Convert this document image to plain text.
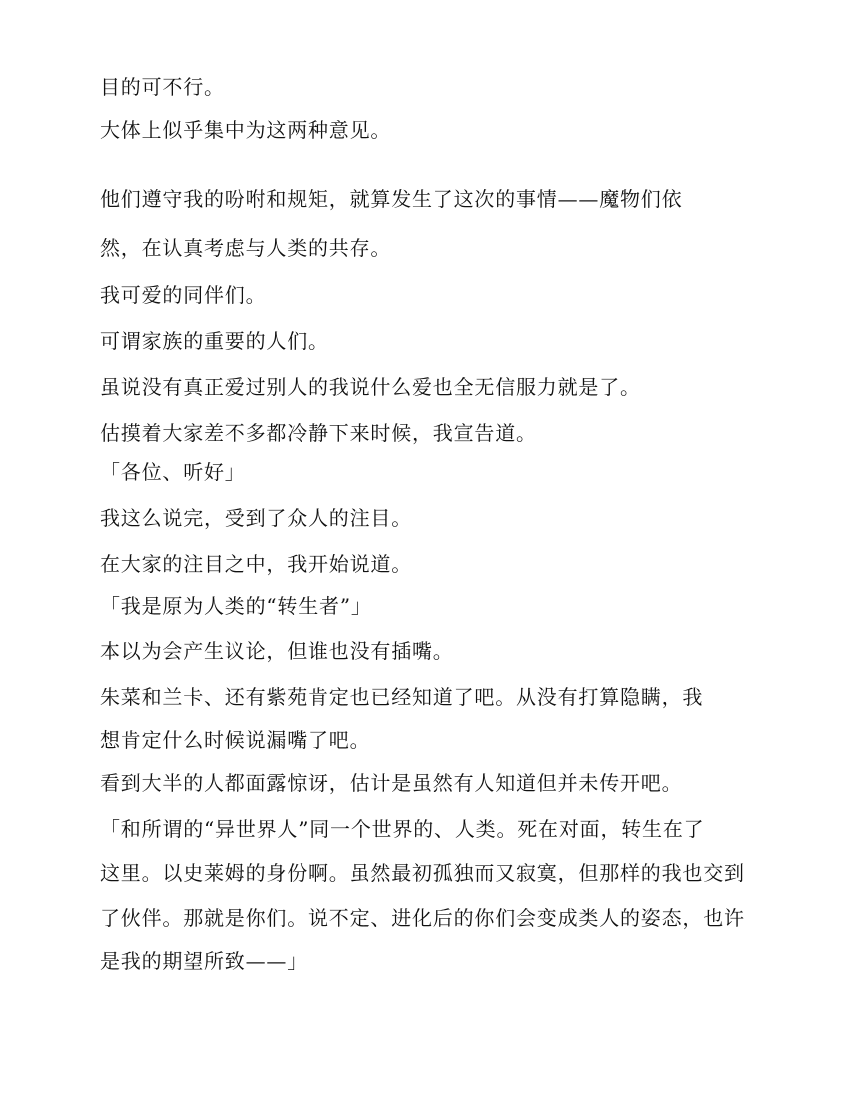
目的可不行。
大体上似乎集中为这两种意见。
他们遵守我的吩咐和规矩，就算发生了这次的事情——魔物们依
然，在认真考虑与人类的共存。
我可爱的同伴们。
可谓家族的重要的人们。
虽说没有真正爱过别人的我说什么爱也全无信服力就是了。
估摸着大家差不多都冷静下来时候，我宣告道。
「各位、听好」
我这么说完，受到了众人的注目。
在大家的注目之中，我开始说道。
「我是原为人类的“转生者”」
本以为会产生议论，但谁也没有插嘴。
朱菜和兰卡、还有紫苑肯定也已经知道了吧。从没有打算隐瞒，我
想肯定什么时候说漏嘴了吧。
看到大半的人都面露惊讶，估计是虽然有人知道但并未传开吧。
「和所谓的“异世界人”同一个世界的、人类。死在对面，转生在了
这里。以史莱姆的身份啊。虽然最初孤独而又寂寞，但那样的我也交到
了伙伴。那就是你们。说不定、进化后的你们会变成类人的姿态，也许
是我的期望所致——」
